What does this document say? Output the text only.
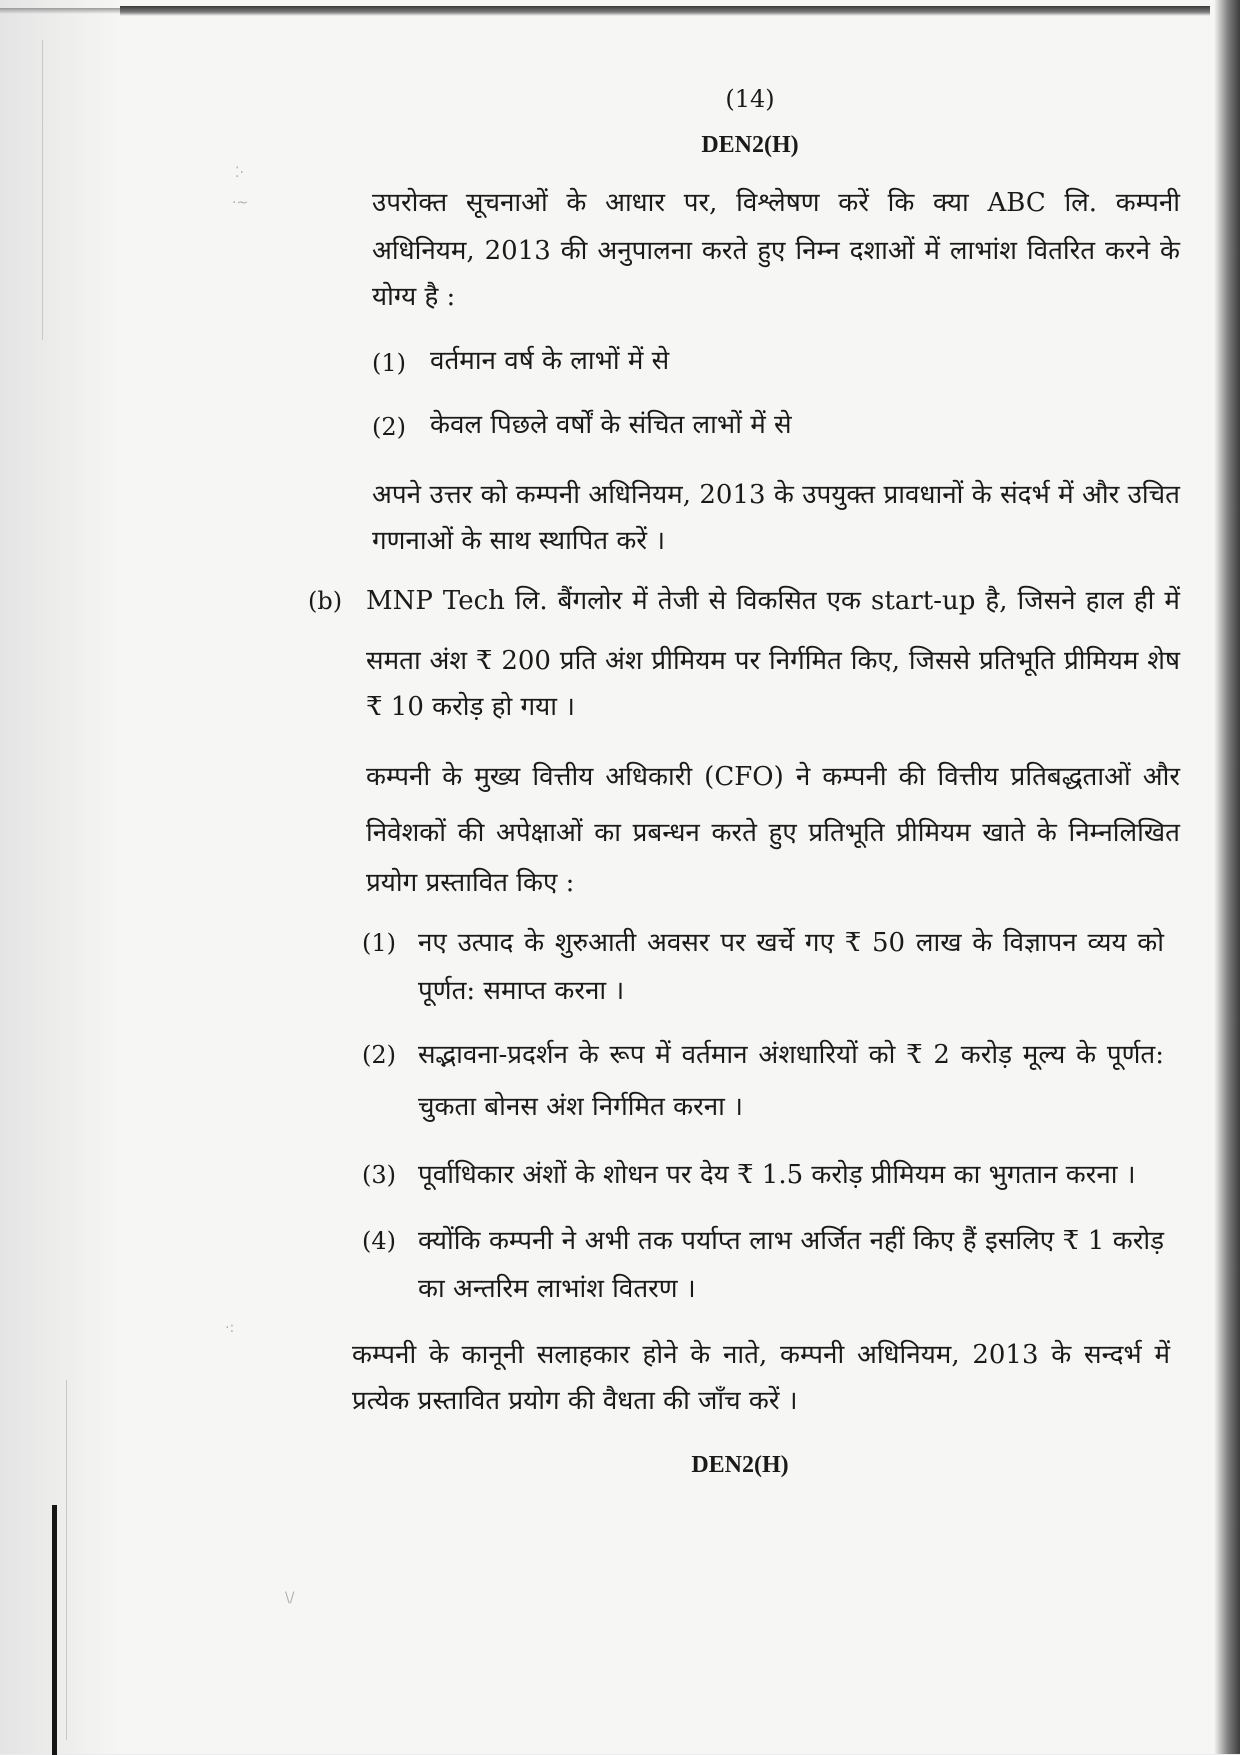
⁚·
·~
·:
\/
(14)
DEN2(H)
उपरोक्त सूचनाओं के आधार पर, विश्लेषण करें कि क्या ABC लि. कम्पनी
अधिनियम, 2013 की अनुपालना करते हुए निम्न दशाओं में लाभांश वितरित करने के
योग्य है :
(1) वर्तमान वर्ष के लाभों में से
(2) केवल पिछले वर्षों के संचित लाभों में से
अपने उत्तर को कम्पनी अधिनियम, 2013 के उपयुक्त प्रावधानों के संदर्भ में और उचित
गणनाओं के साथ स्थापित करें ।
(b) MNP Tech लि. बैंगलोर में तेजी से विकसित एक start-up है, जिसने हाल ही में
समता अंश ₹ 200 प्रति अंश प्रीमियम पर निर्गमित किए, जिससे प्रतिभूति प्रीमियम शेष
₹ 10 करोड़ हो गया ।
कम्पनी के मुख्य वित्तीय अधिकारी (CFO) ने कम्पनी की वित्तीय प्रतिबद्धताओं और
निवेशकों की अपेक्षाओं का प्रबन्धन करते हुए प्रतिभूति प्रीमियम खाते के निम्नलिखित
प्रयोग प्रस्तावित किए :
(1) नए उत्पाद के शुरुआती अवसर पर खर्चे गए ₹ 50 लाख के विज्ञापन व्यय को
पूर्णत: समाप्त करना ।
(2) सद्भावना-प्रदर्शन के रूप में वर्तमान अंशधारियों को ₹ 2 करोड़ मूल्य के पूर्णत:
चुकता बोनस अंश निर्गमित करना ।
(3) पूर्वाधिकार अंशों के शोधन पर देय ₹ 1.5 करोड़ प्रीमियम का भुगतान करना ।
(4) क्योंकि कम्पनी ने अभी तक पर्याप्त लाभ अर्जित नहीं किए हैं इसलिए ₹ 1 करोड़
का अन्तरिम लाभांश वितरण ।
कम्पनी के कानूनी सलाहकार होने के नाते, कम्पनी अधिनियम, 2013 के सन्दर्भ में
प्रत्येक प्रस्तावित प्रयोग की वैधता की जाँच करें ।
DEN2(H)
